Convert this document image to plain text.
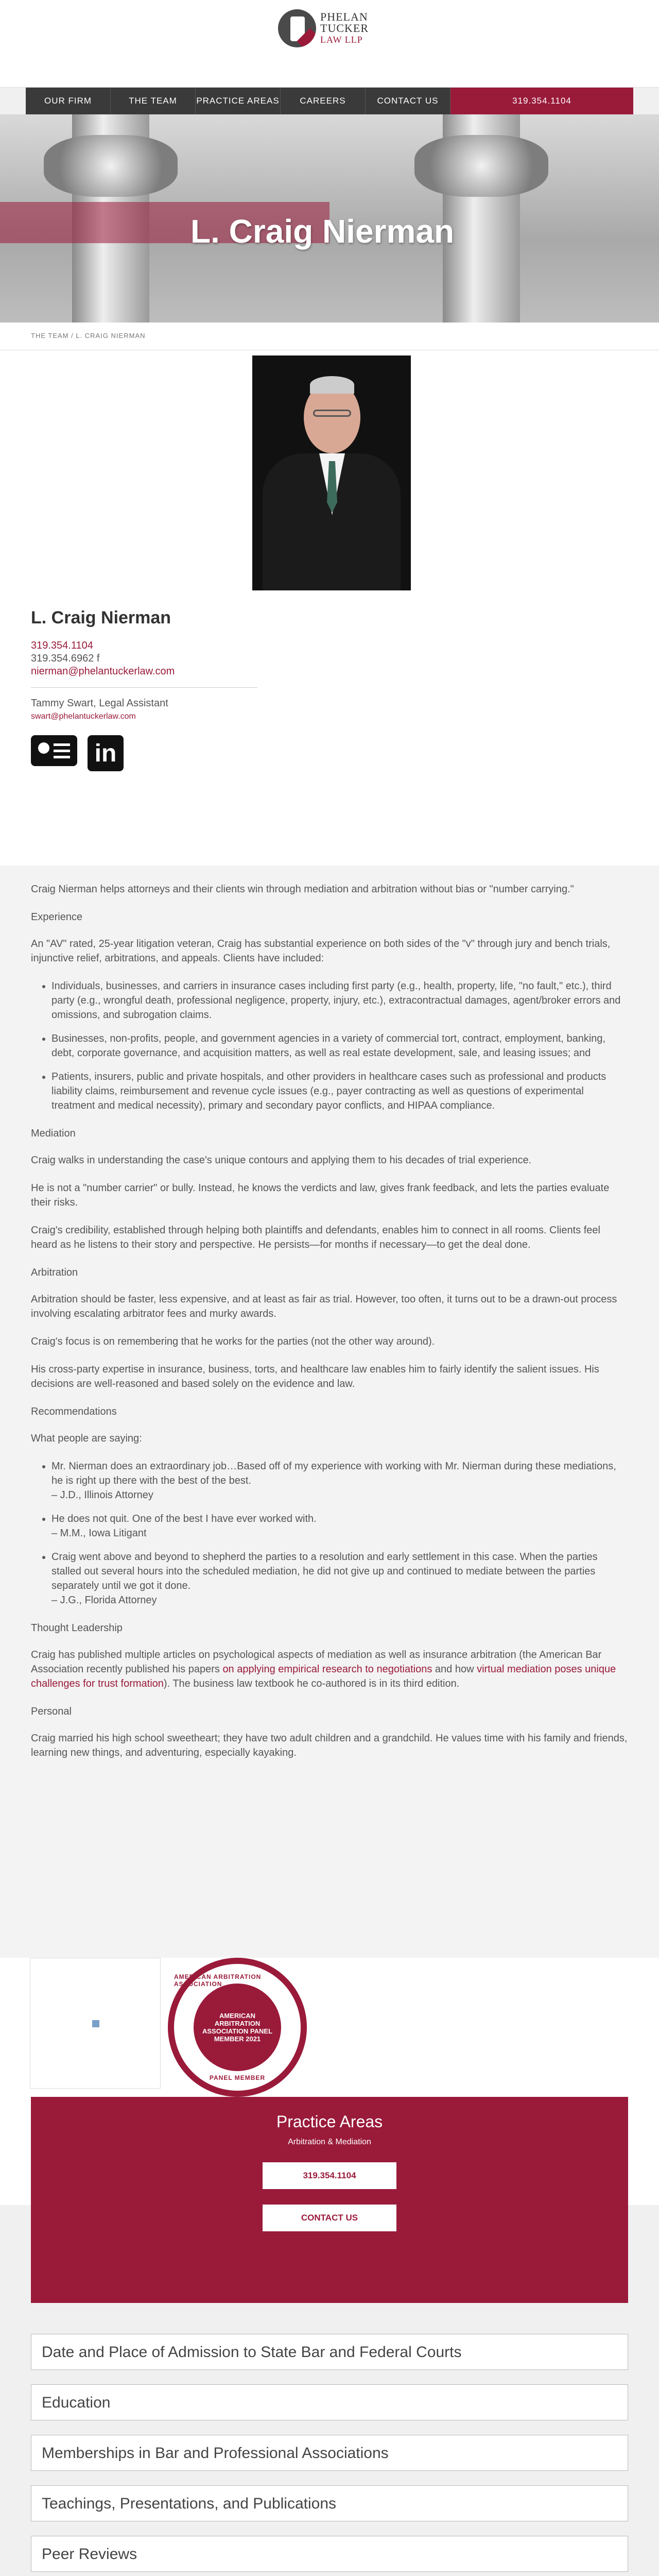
PHELAN
TUCKER
LAW LLP
OUR FIRM	THE TEAM	PRACTICE AREAS	CAREERS	CONTACT US	319.354.1104
L. Craig Nierman
THE TEAM / L. CRAIG NIERMAN
L. Craig Nierman
319.354.1104
319.354.6962 f
nierman@phelantuckerlaw.com
Tammy Swart, Legal Assistant
swart@phelantuckerlaw.com
in

Craig Nierman helps attorneys and their clients win through mediation and arbitration without bias or "number carrying."

Experience

An "AV" rated, 25-year litigation veteran, Craig has substantial experience on both sides of the "v" through jury and bench trials, injunctive relief, arbitrations, and appeals. Clients have included:

• Individuals, businesses, and carriers in insurance cases including first party (e.g., health, property, life, "no fault," etc.), third party (e.g., wrongful death, professional negligence, property, injury, etc.), extracontractual damages, agent/broker errors and omissions, and subrogation claims.
• Businesses, non-profits, people, and government agencies in a variety of commercial tort, contract, employment, banking, debt, corporate governance, and acquisition matters, as well as real estate development, sale, and leasing issues; and
• Patients, insurers, public and private hospitals, and other providers in healthcare cases such as professional and products liability claims, reimbursement and revenue cycle issues (e.g., payer contracting as well as questions of experimental treatment and medical necessity), primary and secondary payor conflicts, and HIPAA compliance.
Mediation

Craig walks in understanding the case's unique contours and applying them to his decades of trial experience.

He is not a "number carrier" or bully. Instead, he knows the verdicts and law, gives frank feedback, and lets the parties evaluate their risks.

Craig's credibility, established through helping both plaintiffs and defendants, enables him to connect in all rooms. Clients feel heard as he listens to their story and perspective. He persists—for months if necessary—to get the deal done.

Arbitration

Arbitration should be faster, less expensive, and at least as fair as trial. However, too often, it turns out to be a drawn-out process involving escalating arbitrator fees and murky awards.

Craig's focus is on remembering that he works for the parties (not the other way around).

His cross-party expertise in insurance, business, torts, and healthcare law enables him to fairly identify the salient issues. His decisions are well-reasoned and based solely on the evidence and law.

Recommendations

What people are saying:

• Mr. Nierman does an extraordinary job…Based off of my experience with working with Mr. Nierman during these mediations, he is right up there with the best of the best.
– J.D., Illinois Attorney
• He does not quit. One of the best I have ever worked with.
– M.M., Iowa Litigant
• Craig went above and beyond to shepherd the parties to a resolution and early settlement in this case. When the parties stalled out several hours into the scheduled mediation, he did not give up and continued to mediate between the parties separately until we got it done.
– J.G., Florida Attorney
Thought Leadership

Craig has published multiple articles on psychological aspects of mediation as well as insurance arbitration (the American Bar Association recently published his papers on applying empirical research to negotiations and how virtual mediation poses unique challenges for trust formation). The business law textbook he co-authored is in its third edition.

Personal

Craig married his high school sweetheart; they have two adult children and a grandchild. He values time with his family and friends, learning new things, and adventuring, especially kayaking.

AMERICAN ARBITRATION ASSOCIATION
AMERICAN ARBITRATION ASSOCIATION PANEL MEMBER 2021
PANEL MEMBER
Practice Areas
Arbitration & Mediation
319.354.1104
CONTACT US
Date and Place of Admission to State Bar and Federal Courts
Education
Memberships in Bar and Professional Associations
Teachings, Presentations, and Publications
Peer Reviews
